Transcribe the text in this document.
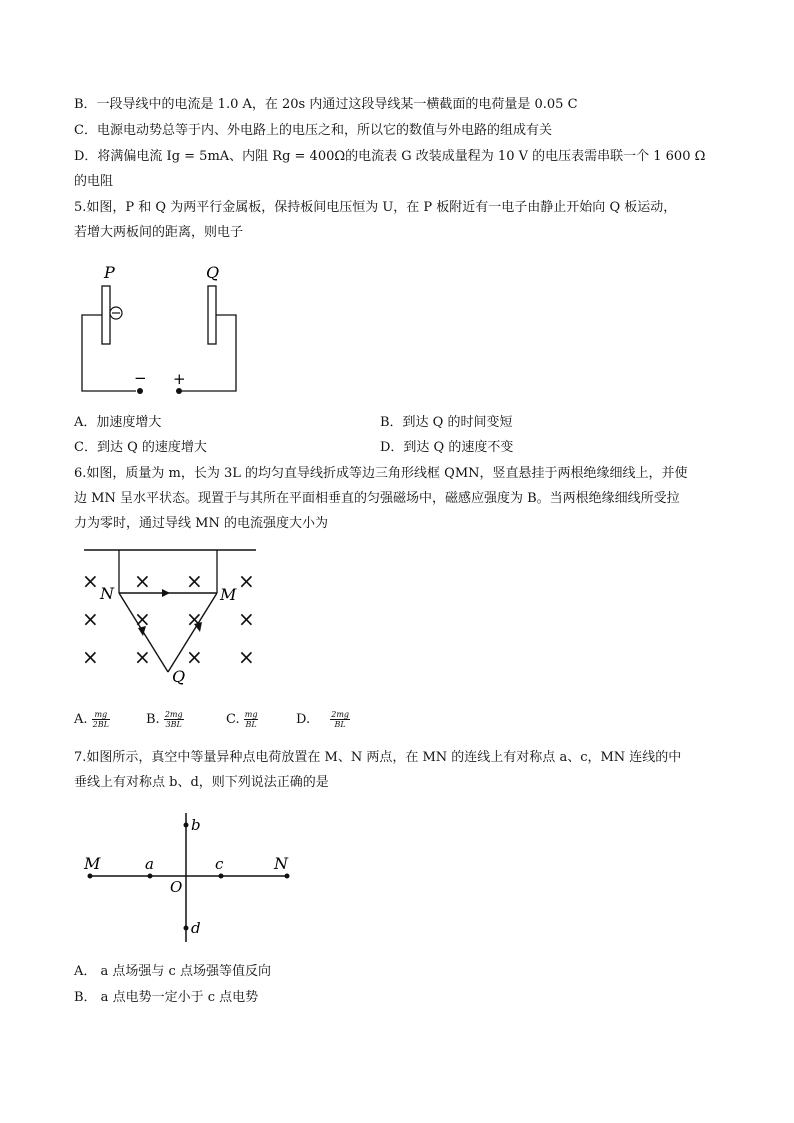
B．一段导线中的电流是 1.0 A，在 20s 内通过这段导线某一横截面的电荷量是 0.05 C
C．电源电动势总等于内、外电路上的电压之和，所以它的数值与外电路的组成有关
D．将满偏电流 Ig = 5mA、内阻 Rg = 400Ω的电流表 G 改装成量程为 10 V 的电压表需串联一个 1 600 Ω
的电阻
5.如图，P 和 Q 为两平行金属板，保持板间电压恒为 U，在 P 板附近有一电子由静止开始向 Q 板运动，
若增大两板间的距离，则电子
P	Q
− +
A．加速度增大	B．到达 Q 的时间变短
C．到达 Q 的速度增大	D．到达 Q 的速度不变
6.如图，质量为 m，长为 3L 的均匀直导线折成等边三角形线框 QMN，竖直悬挂于两根绝缘细线上，并使
边 MN 呈水平状态。现置于与其所在平面相垂直的匀强磁场中，磁感应强度为 B。当两根绝缘细线所受拉
力为零时，通过导线 MN 的电流强度大小为
N	M
Q
× × × ×
× × × ×
× × × ×
A. $\frac{mg}{2BL}$	B. $\frac{2mg}{3BL}$	C. $\frac{mg}{BL}$	D.	$\frac{2mg}{BL}$
7.如图所示，真空中等量异种点电荷放置在 M、N 两点，在 MN 的连线上有对称点 a、c，MN 连线的中
垂线上有对称点 b、d，则下列说法正确的是
M	a
O
c	N
b
d
A． a 点场强与 c 点场强等值反向
B． a 点电势一定小于 c 点电势
